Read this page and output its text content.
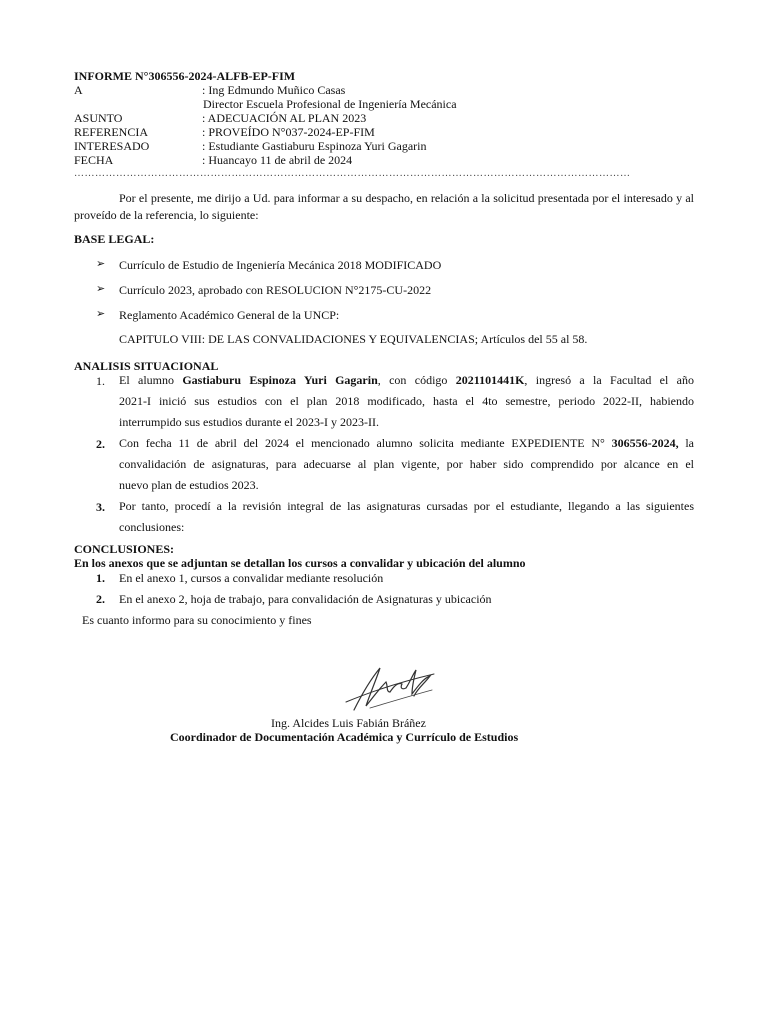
INFORME N°306556-2024-ALFB-EP-FIM
A	: Ing Edmundo Muñico Casas
Director Escuela Profesional de Ingeniería Mecánica
ASUNTO	: ADECUACIÓN AL PLAN 2023
REFERENCIA	: PROVEÍDO N°037-2024-EP-FIM
INTERESADO	: Estudiante Gastiaburu Espinoza Yuri Gagarin
FECHA	: Huancayo 11 de abril de 2024
……………………………………………………………………………………………………………………………………………
Por el presente, me dirijo a Ud. para informar a su despacho, en relación a la solicitud presentada por el interesado y al proveído de la referencia, lo siguiente:
BASE LEGAL:
➢ Currículo de Estudio de Ingeniería Mecánica 2018 MODIFICADO
➢ Currículo 2023, aprobado con RESOLUCION N°2175-CU-2022
➢ Reglamento Académico General de la UNCP:
CAPITULO VIII: DE LAS CONVALIDACIONES Y EQUIVALENCIAS; Artículos del 55 al 58.
ANALISIS SITUACIONAL
1. El alumno Gastiaburu Espinoza Yuri Gagarin, con código 2021101441K, ingresó a la Facultad el año
2021-I inició sus estudios con el plan 2018 modificado, hasta el 4to semestre, periodo 2022-II, habiendo
interrumpido sus estudios durante el 2023-I y 2023-II.
2. Con fecha 11 de abril del 2024 el mencionado alumno solicita mediante EXPEDIENTE N° 306556-2024, la
convalidación de asignaturas, para adecuarse al plan vigente, por haber sido comprendido por alcance en el
nuevo plan de estudios 2023.
3. Por tanto, procedí a la revisión integral de las asignaturas cursadas por el estudiante, llegando a las siguientes
conclusiones:
CONCLUSIONES:
En los anexos que se adjuntan se detallan los cursos a convalidar y ubicación del alumno
1. En el anexo 1, cursos a convalidar mediante resolución
2. En el anexo 2, hoja de trabajo, para convalidación de Asignaturas y ubicación
Es cuanto informo para su conocimiento y fines
Ing. Alcides Luis Fabián Bráñez
Coordinador de Documentación Académica y Currículo de Estudios
